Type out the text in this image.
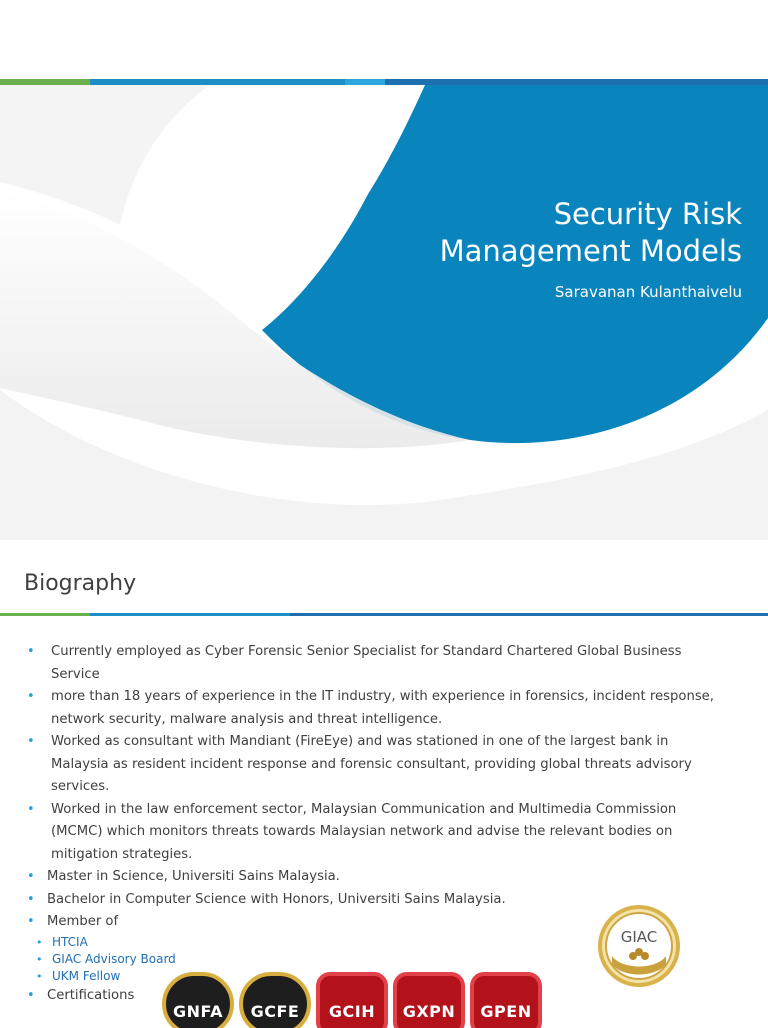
Security Risk
Management Models
Saravanan Kulanthaivelu
Biography
• Currently employed as Cyber Forensic Senior Specialist for Standard Chartered Global Business Service
• more than 18 years of experience in the IT industry, with experience in forensics, incident response, network security, malware analysis and threat intelligence.
• Worked as consultant with Mandiant (FireEye) and was stationed in one of the largest bank in Malaysia as resident incident response and forensic consultant, providing global threats advisory services.
• Worked in the law enforcement sector, Malaysian Communication and Multimedia Commission (MCMC) which monitors threats towards Malaysian network and advise the relevant bodies on mitigation strategies.
• Master in Science, Universiti Sains Malaysia.
• Bachelor in Computer Science with Honors, Universiti Sains Malaysia.
• Member of
• HTCIA
• GIAC Advisory Board
• UKM Fellow
• Certifications
GIAC
GNFA	GCFE	GCIH	GXPN	GPEN
